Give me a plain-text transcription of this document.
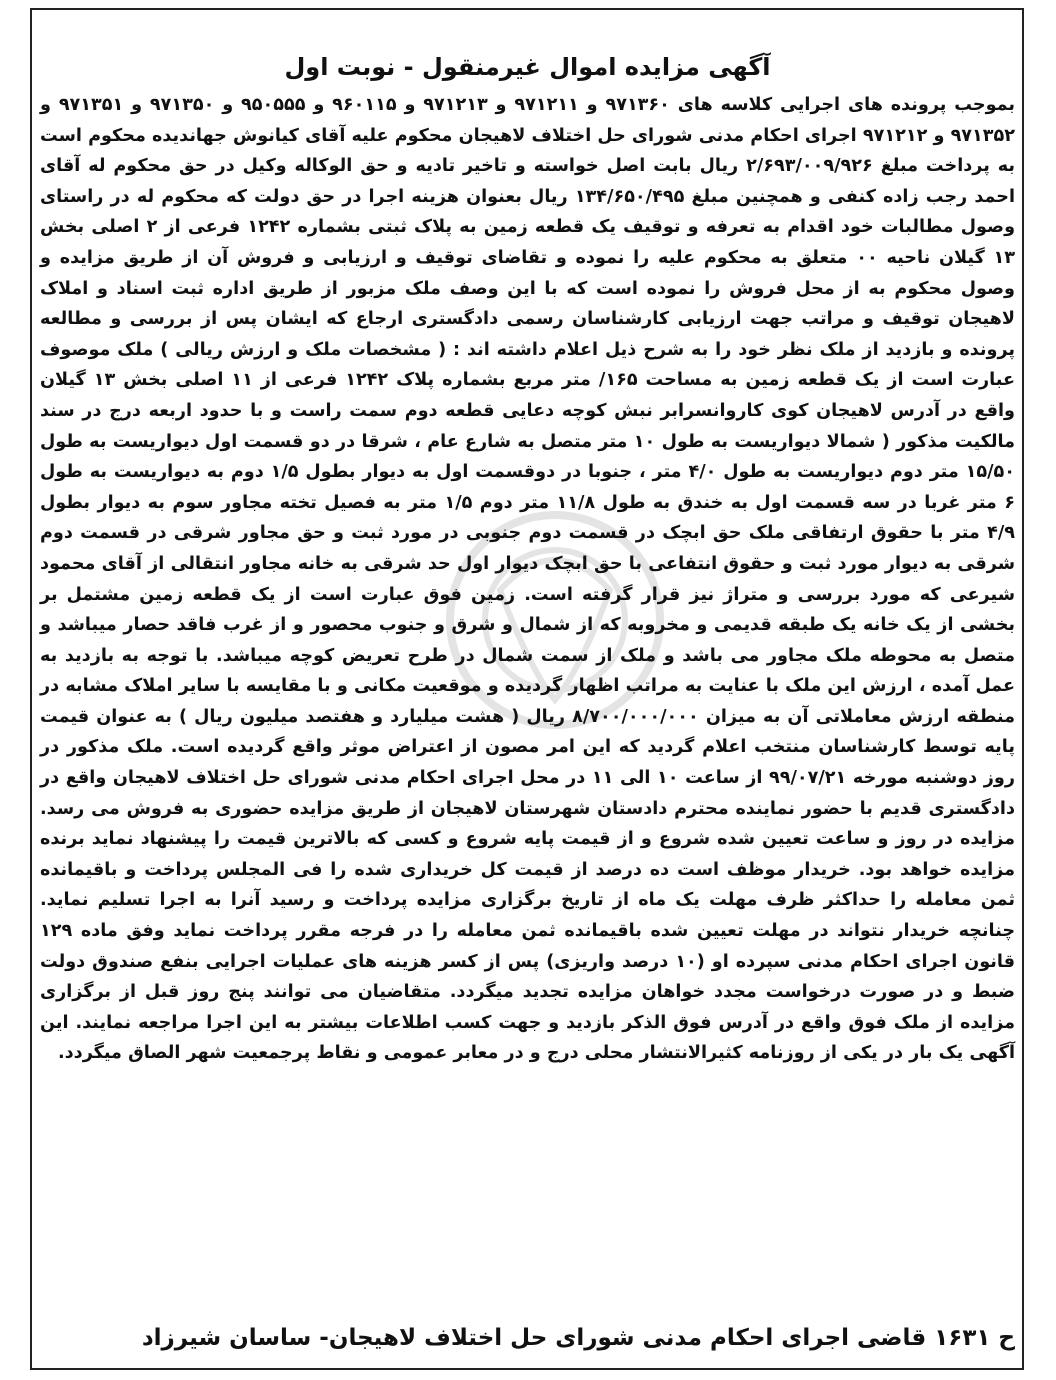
آگهی مزایده اموال غیرمنقول - نوبت اول

بموجب پرونده های اجرایی کلاسه های ۹۷۱۳۶۰ و ۹۷۱۲۱۱ و ۹۷۱۲۱۳ و ۹۶۰۱۱۵ و ۹۵۰۵۵۵ و ۹۷۱۳۵۰ و ۹۷۱۳۵۱ و ۹۷۱۳۵۲ و ۹۷۱۲۱۲ اجرای احکام مدنی شورای حل اختلاف لاهیجان محکوم علیه آقای کیانوش جهاندیده محکوم است به پرداخت مبلغ ۲/۶۹۳/۰۰۹/۹۲۶ ریال بابت اصل خواسته و تاخیر تادیه و حق الوکاله وکیل در حق محکوم له آقای احمد رجب زاده کنفی و همچنین مبلغ ۱۳۴/۶۵۰/۴۹۵ ریال بعنوان هزینه اجرا در حق دولت که محکوم له در راستای وصول مطالبات خود اقدام به تعرفه و توقیف یک قطعه زمین به پلاک ثبتی بشماره ۱۲۴۲ فرعی از ۲ اصلی بخش ۱۳ گیلان ناحیه ۰۰ متعلق به محکوم علیه را نموده و تقاضای توقیف و ارزیابی و فروش آن از طریق مزایده و وصول محکوم به از محل فروش را نموده است که با این وصف ملک مزبور از طریق اداره ثبت اسناد و املاک لاهیجان توقیف و مراتب جهت ارزیابی کارشناسان رسمی دادگستری ارجاع که ایشان پس از بررسی و مطالعه پرونده و بازدید از ملک نظر خود را به شرح ذیل اعلام داشته اند : ( مشخصات ملک و ارزش ریالی ) ملک موصوف عبارت است از یک قطعه زمین به مساحت ۱۶۵/ متر مربع بشماره پلاک ۱۲۴۲ فرعی از ۱۱ اصلی بخش ۱۳ گیلان واقع در آدرس لاهیجان کوی کاروانسرابر نبش کوچه دعایی قطعه دوم سمت راست و با حدود اربعه درج در سند مالکیت مذکور ( شمالا دیواریست به طول ۱۰ متر متصل به شارع عام ، شرقا در دو قسمت اول دیواریست به طول ۱۵/۵۰ متر دوم دیواریست به طول ۴/۰ متر ، جنوبا در دوقسمت اول به دیوار بطول ۱/۵ دوم به دیواریست به طول ۶ متر غربا در سه قسمت اول به خندق به طول ۱۱/۸ متر دوم ۱/۵ متر به فصیل تخته مجاور سوم به دیوار بطول ۴/۹ متر با حقوق ارتفاقی ملک حق ابچک در قسمت دوم جنوبی در مورد ثبت و حق مجاور شرقی در قسمت دوم شرقی به دیوار مورد ثبت و حقوق انتفاعی با حق ابچک دیوار اول حد شرقی به خانه مجاور انتقالی از آقای محمود شیرعی که مورد بررسی و متراژ نیز قرار گرفته است. زمین فوق عبارت است از یک قطعه زمین مشتمل بر بخشی از یک خانه یک طبقه قدیمی و مخروبه که از شمال و شرق و جنوب محصور و از غرب فاقد حصار میباشد و متصل به محوطه ملک مجاور می باشد و ملک از سمت شمال در طرح تعریض کوچه میباشد. با توجه به بازدید به عمل آمده ، ارزش این ملک با عنایت به مراتب اظهار گردیده و موقعیت مکانی و با مقایسه با سایر املاک مشابه در منطقه ارزش معاملاتی آن به میزان ۸/۷۰۰/۰۰۰/۰۰۰ ریال ( هشت میلیارد و هفتصد میلیون ریال ) به عنوان قیمت پایه توسط کارشناسان منتخب اعلام گردید که این امر مصون از اعتراض موثر واقع گردیده است. ملک مذکور در روز دوشنبه مورخه ۹۹/۰۷/۲۱ از ساعت ۱۰ الی ۱۱ در محل اجرای احکام مدنی شورای حل اختلاف لاهیجان واقع در دادگستری قدیم با حضور نماینده محترم دادستان شهرستان لاهیجان از طریق مزایده حضوری به فروش می رسد. مزایده در روز و ساعت تعیین شده شروع و از قیمت پایه شروع و کسی که بالاترین قیمت را پیشنهاد نماید برنده مزایده خواهد بود. خریدار موظف است ده درصد از قیمت کل خریداری شده را فی المجلس پرداخت و باقیمانده ثمن معامله را حداکثر ظرف مهلت یک ماه از تاریخ برگزاری مزایده پرداخت و رسید آنرا به اجرا تسلیم نماید. چنانچه خریدار نتواند در مهلت تعیین شده باقیمانده ثمن معامله را در فرجه مقرر پرداخت نماید وفق ماده ۱۲۹ قانون اجرای احکام مدنی سپرده او (۱۰ درصد واریزی) پس از کسر هزینه های عملیات اجرایی بنفع صندوق دولت ضبط و در صورت درخواست مجدد خواهان مزایده تجدید میگردد. متقاضیان می توانند پنج روز قبل از برگزاری مزایده از ملک فوق واقع در آدرس فوق الذکر بازدید و جهت کسب اطلاعات بیشتر به این اجرا مراجعه نمایند. این آگهی یک بار در یکی از روزنامه کثیرالانتشار محلی درج و در معابر عمومی و نقاط پرجمعیت شهر الصاق میگردد.

ح ۱۶۳۱ قاضی اجرای احکام مدنی شورای حل اختلاف لاهیجان- ساسان شیرزاد
